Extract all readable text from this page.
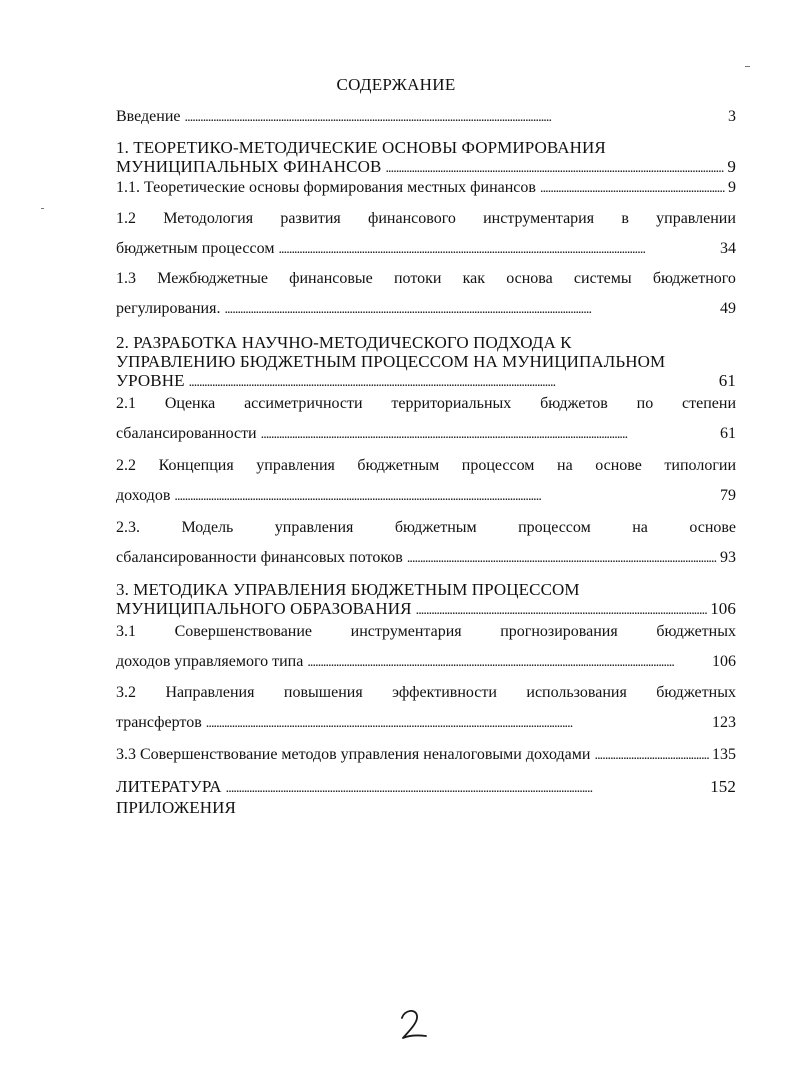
СОДЕРЖАНИЕ
Введение . . .	3
1. ТЕОРЕТИКО-МЕТОДИЧЕСКИЕ ОСНОВЫ ФОРМИРОВАНИЯ
МУНИЦИПАЛЬНЫХ ФИНАНСОВ . . .	9
1.1. Теоретические основы формирования местных финансов . . .	9
1.2 Методология развития финансового инструментария в управлении
бюджетным процессом . . .	34
1.3 Межбюджетные финансовые потоки как основа системы бюджетного
регулирования. . . .	49
2. РАЗРАБОТКА НАУЧНО-МЕТОДИЧЕСКОГО ПОДХОДА К
УПРАВЛЕНИЮ БЮДЖЕТНЫМ ПРОЦЕССОМ НА МУНИЦИПАЛЬНОМ
УРОВНЕ . . .	61
2.1 Оценка ассиметричности территориальных бюджетов по степени
сбалансированности . . .	61
2.2 Концепция управления бюджетным процессом на основе типологии
доходов . . .	79
2.3.	Модель	управления	бюджетным	процессом	на	основе
сбалансированности финансовых потоков . . .	93
3. МЕТОДИКА УПРАВЛЕНИЯ БЮДЖЕТНЫМ ПРОЦЕССОМ
МУНИЦИПАЛЬНОГО ОБРАЗОВАНИЯ . . .	106
3.1 Совершенствование инструментария прогнозирования бюджетных
доходов управляемого типа . . .	106
3.2 Направления повышения эффективности использования бюджетных
трансфертов . . .	123
3.3 Совершенствование методов управления неналоговыми доходами . . .	135
ЛИТЕРАТУРА . . .	152
ПРИЛОЖЕНИЯ
